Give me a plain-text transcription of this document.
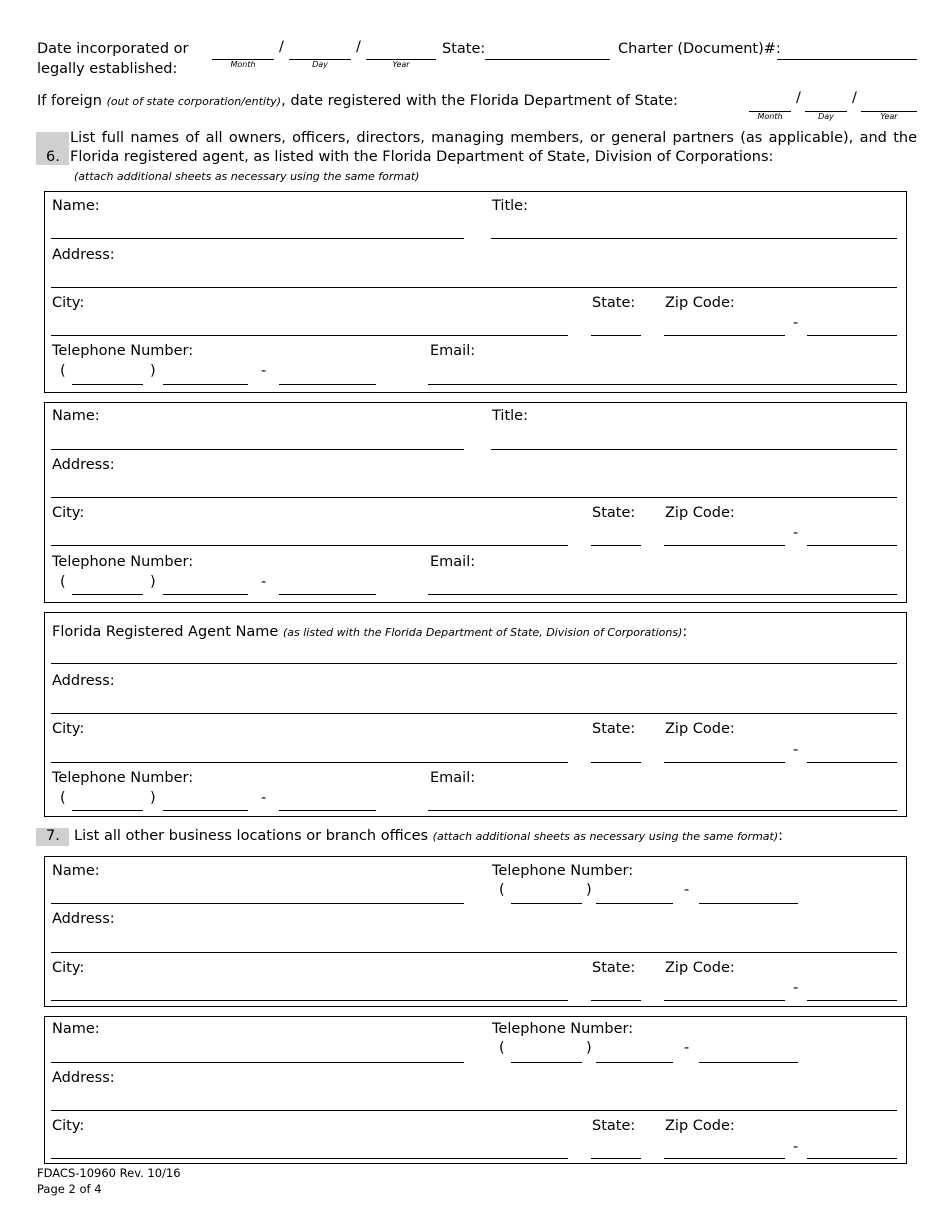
Date incorporated or
legally established:
/	/
Month	Day	Year
State:	Charter (Document)#:
If foreign (out of state corporation/entity), date registered with the Florida Department of State:	/	/
Month	Day	Year
6.
List full names of all owners, officers, directors, managing members, or general partners (as applicable), and the
Florida registered agent, as listed with the Florida Department of State, Division of Corporations:
(attach additional sheets as necessary using the same format)
Name:	Title:
Address:
City:	State: Zip Code:
-
Telephone Number:
(	)	-
Email:
Name:	Title:
Address:
City:	State: Zip Code:
-
Telephone Number:
(	)	-
Email:
Florida Registered Agent Name (as listed with the Florida Department of State, Division of Corporations):
Address:
City:	State: Zip Code:
-
Telephone Number:
(	)	-
Email:
7. List all other business locations or branch offices (attach additional sheets as necessary using the same format):
Name:	Telephone Number:
(	)	-
Address:
City:	State: Zip Code:
-
Name:	Telephone Number:
(	)	-
Address:
City:	State: Zip Code:
-
FDACS-10960 Rev. 10/16
Page 2 of 4
